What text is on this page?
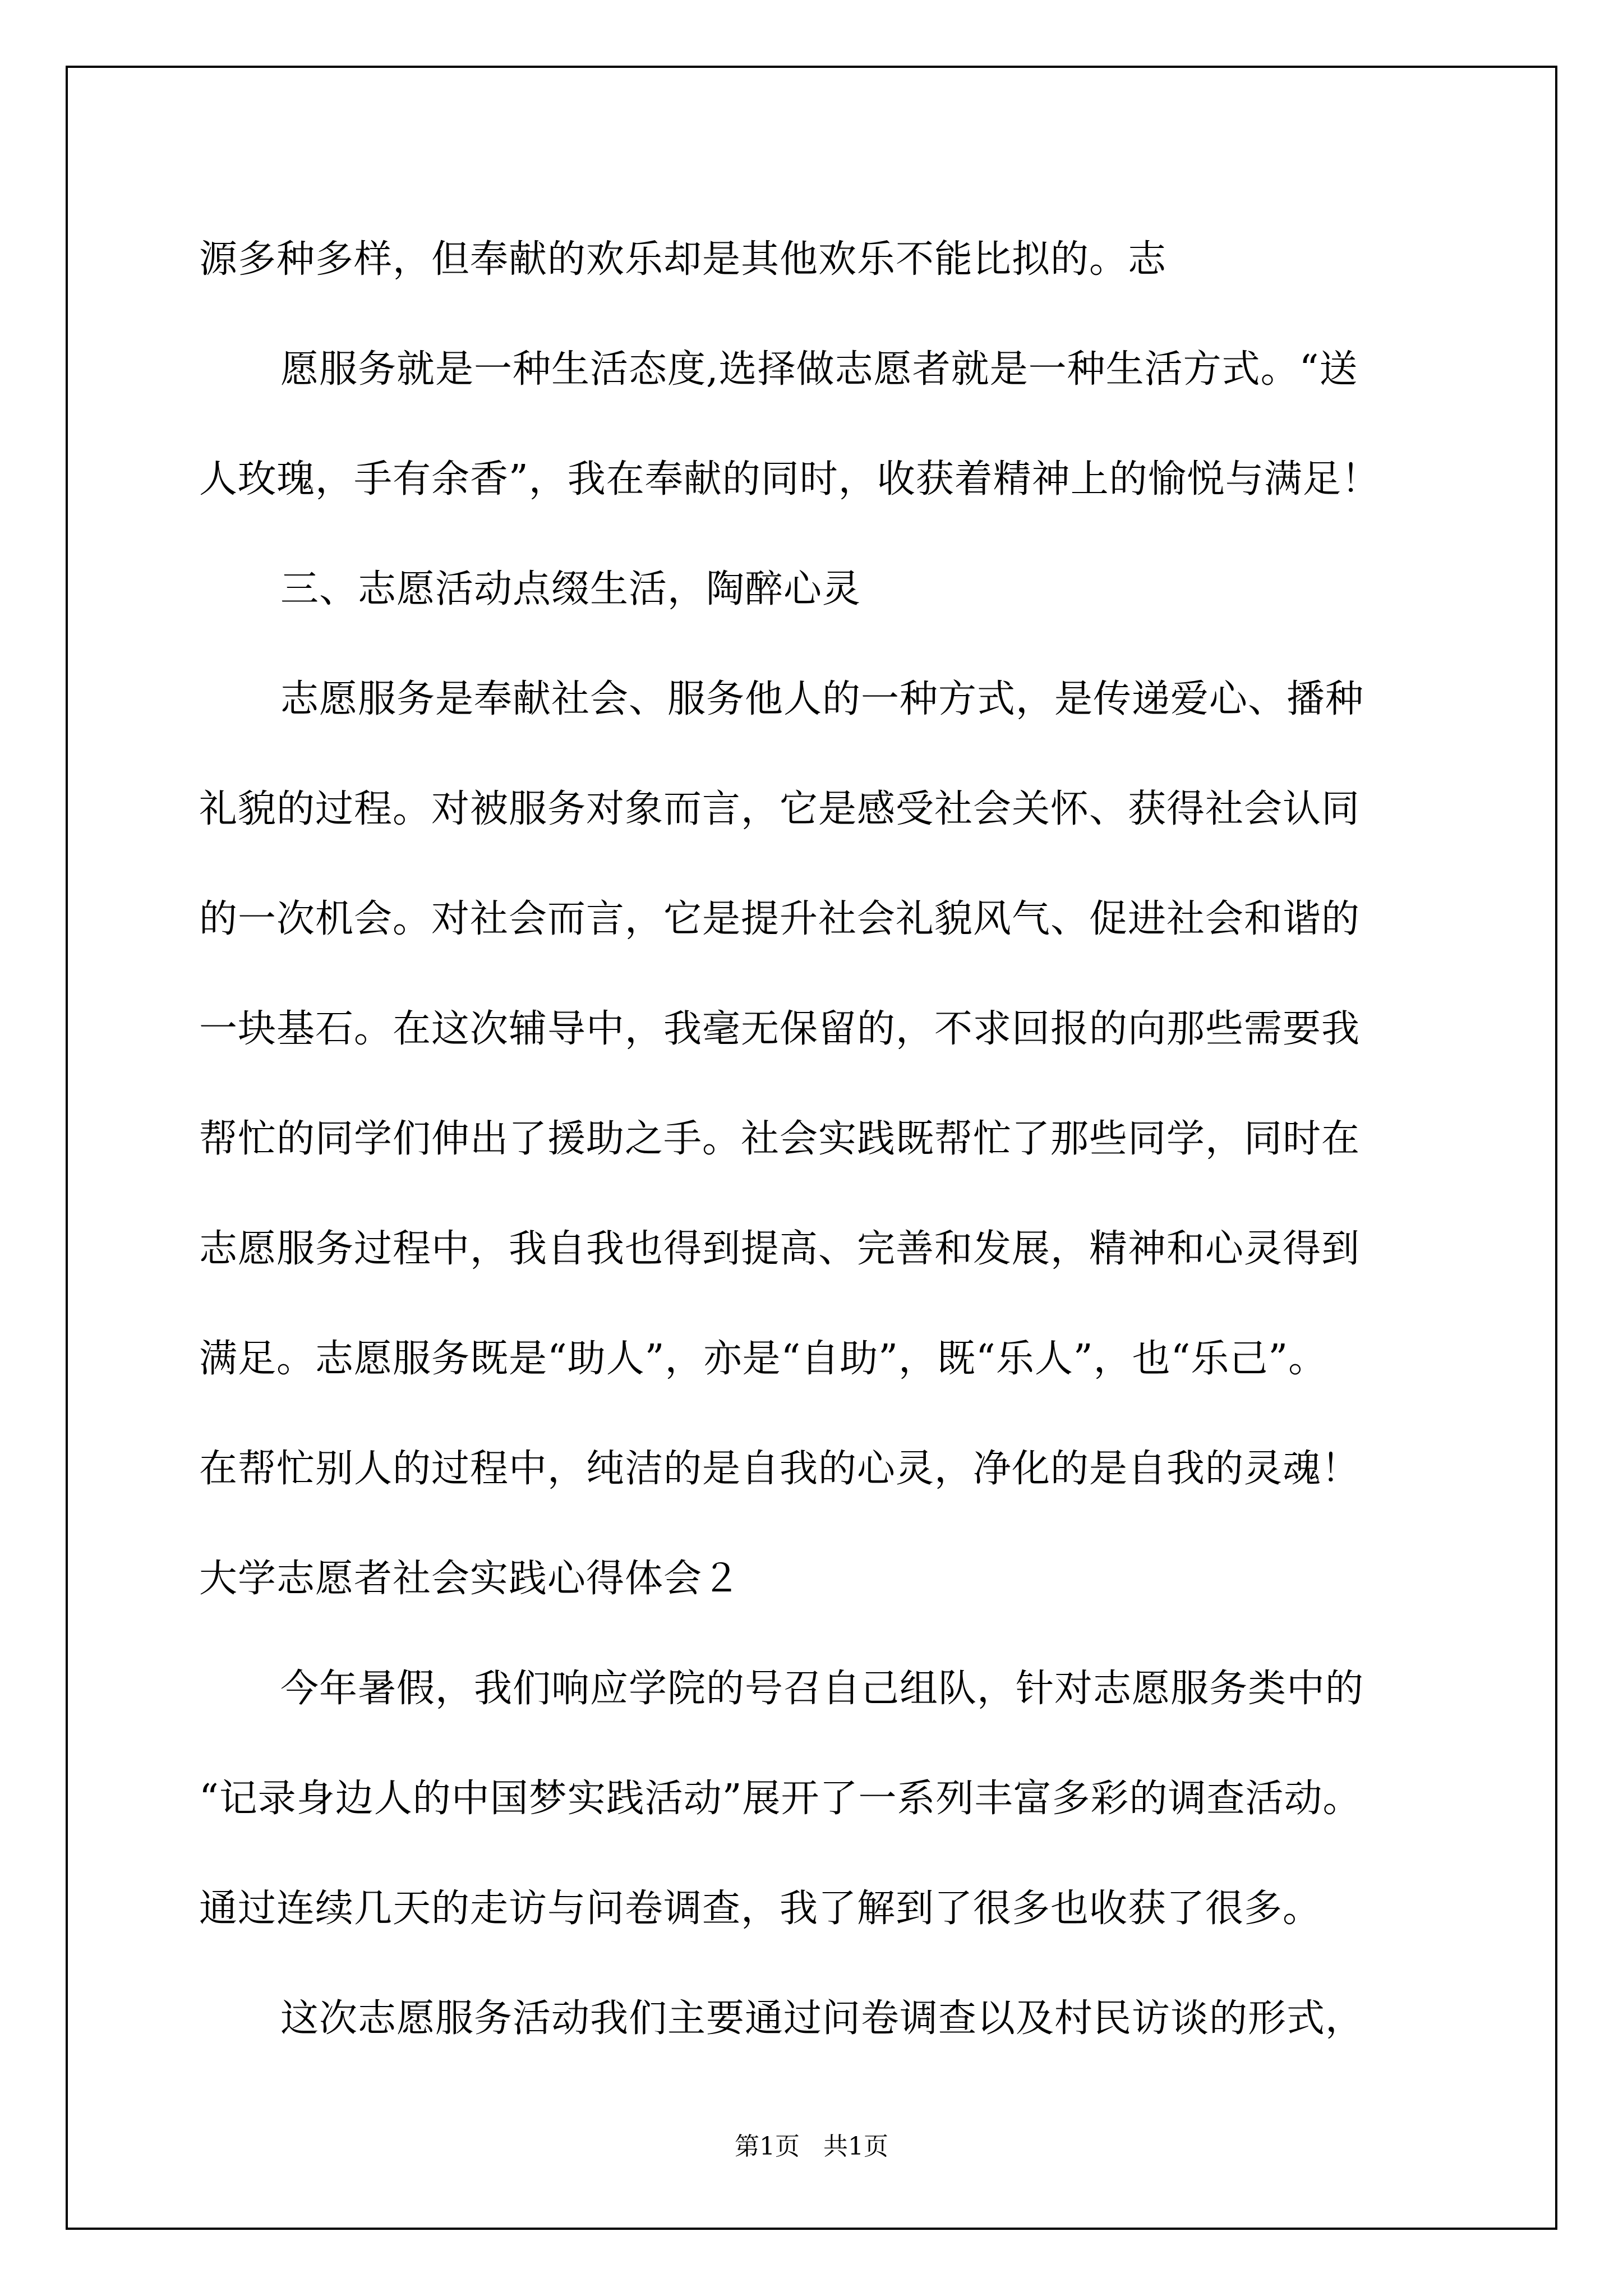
源多种多样，但奉献的欢乐却是其他欢乐不能比拟的。志
愿服务就是一种生活态度,选择做志愿者就是一种生活方式。“送
人玫瑰，手有余香”，我在奉献的同时，收获着精神上的愉悦与满足！
三、志愿活动点缀生活，陶醉心灵
志愿服务是奉献社会、服务他人的一种方式，是传递爱心、播种
礼貌的过程。对被服务对象而言，它是感受社会关怀、获得社会认同
的一次机会。对社会而言，它是提升社会礼貌风气、促进社会和谐的
一块基石。在这次辅导中，我毫无保留的，不求回报的向那些需要我
帮忙的同学们伸出了援助之手。社会实践既帮忙了那些同学，同时在
志愿服务过程中，我自我也得到提高、完善和发展，精神和心灵得到
满足。志愿服务既是“助人”，亦是“自助”，既“乐人”，也“乐己”。
在帮忙别人的过程中，纯洁的是自我的心灵，净化的是自我的灵魂！
大学志愿者社会实践心得体会２
今年暑假，我们响应学院的号召自己组队，针对志愿服务类中的
“记录身边人的中国梦实践活动”展开了一系列丰富多彩的调查活动。
通过连续几天的走访与问卷调查，我了解到了很多也收获了很多。
这次志愿服务活动我们主要通过问卷调查以及村民访谈的形式，
第1页 共1页
